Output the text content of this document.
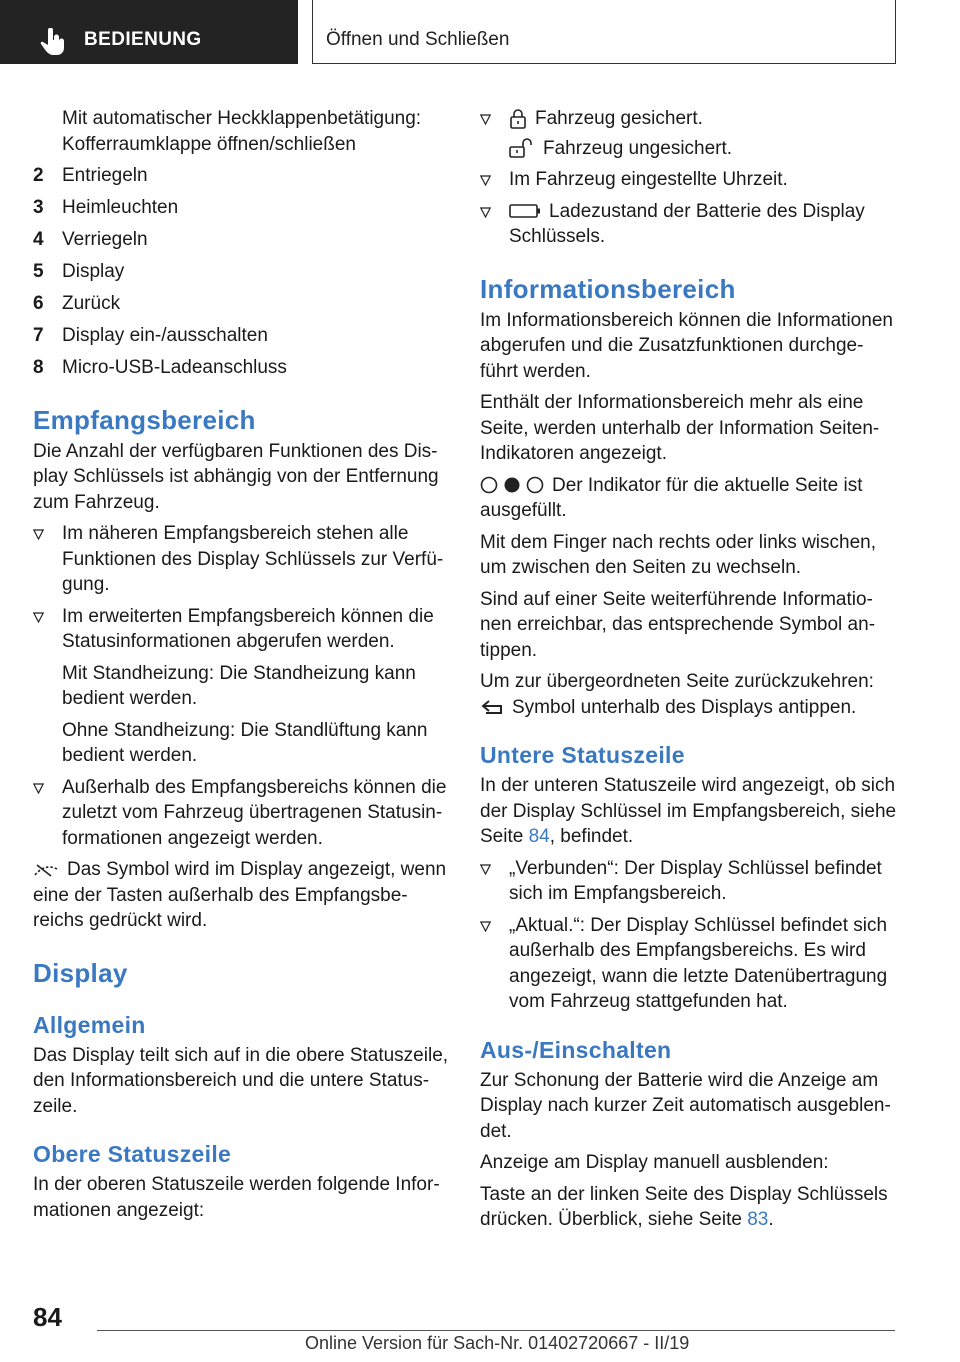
BEDIENUNG	Öffnen und Schließen

Mit automatischer Heckklappenbetätigung: Kofferraumklappe öffnen/schließen

2 Entriegeln
3 Heimleuchten
4 Verriegeln
5 Display
6 Zurück
7 Display ein-/ausschalten
8 Micro-USB-Ladeanschluss
Empfangsbereich

Die Anzahl der verfügbaren Funktionen des Dis-play Schlüssels ist abhängig von der Entfernung zum Fahrzeug.

Im näheren Empfangsbereich stehen alle Funktionen des Display Schlüssels zur Verfü-gung.
Im erweiterten Empfangsbereich können die Statusinformationen abgerufen werden.

Mit Standheizung: Die Standheizung kann bedient werden.

Ohne Standheizung: Die Standlüftung kann bedient werden.

Außerhalb des Empfangsbereichs können die zuletzt vom Fahrzeug übertragenen Statusin-formationen angezeigt werden.

Das Symbol wird im Display angezeigt, wenn eine der Tasten außerhalb des Empfangsbe-reichs gedrückt wird.

Display
Allgemein

Das Display teilt sich auf in die obere Statuszeile, den Informationsbereich und die untere Status-zeile.

Obere Statuszeile

In der oberen Statuszeile werden folgende Infor-mationen angezeigt:

Fahrzeug gesichert.

Fahrzeug ungesichert.

Im Fahrzeug eingestellte Uhrzeit.
Ladezustand der Batterie des Display Schlüssels.
Informationsbereich

Im Informationsbereich können die Informationen abgerufen und die Zusatzfunktionen durchge-führt werden.

Enthält der Informationsbereich mehr als eine Seite, werden unterhalb der Information Seiten-Indikatoren angezeigt.

Der Indikator für die aktuelle Seite ist ausgefüllt.

Mit dem Finger nach rechts oder links wischen, um zwischen den Seiten zu wechseln.

Sind auf einer Seite weiterführende Informatio-nen erreichbar, das entsprechende Symbol an-tippen.

Um zur übergeordneten Seite zurückzukehren:

Symbol unterhalb des Displays antippen.

Untere Statuszeile

In der unteren Statuszeile wird angezeigt, ob sich der Display Schlüssel im Empfangsbereich, siehe Seite 84, befindet.

„Verbunden“: Der Display Schlüssel befindet sich im Empfangsbereich.
„Aktual.“: Der Display Schlüssel befindet sich außerhalb des Empfangsbereichs. Es wird angezeigt, wann die letzte Datenübertragung vom Fahrzeug stattgefunden hat.
Aus-/Einschalten

Zur Schonung der Batterie wird die Anzeige am Display nach kurzer Zeit automatisch ausgeblen-det.

Anzeige am Display manuell ausblenden:

Taste an der linken Seite des Display Schlüssels drücken. Überblick, siehe Seite 83.

84
Online Version für Sach-Nr. 01402720667 - II/19
